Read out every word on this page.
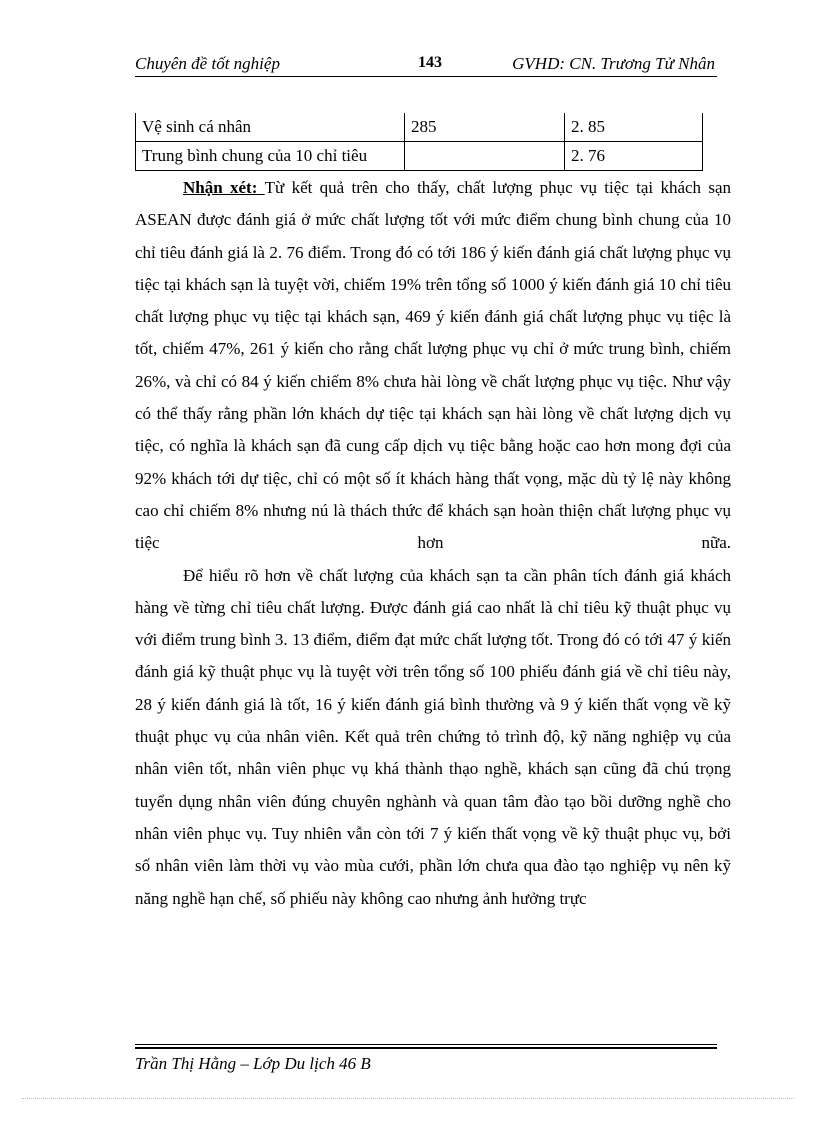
Chuyên đề tốt nghiệp	143	GVHD: CN. Trương Tử Nhân
Vệ sinh cá nhân	285	2. 85
Trung bình chung của 10 chỉ tiêu		2. 76

Nhận xét: Từ kết quả trên cho thấy, chất lượng phục vụ tiệc tại khách sạn ASEAN được đánh giá ở mức chất lượng tốt với mức điểm chung bình chung của 10 chỉ tiêu đánh giá là 2. 76 điểm. Trong đó có tới 186 ý kiến đánh giá chất lượng phục vụ tiệc tại khách sạn là tuyệt vời, chiếm 19% trên tổng số 1000 ý kiến đánh giá 10 chỉ tiêu chất lượng phục vụ tiệc tại khách sạn, 469 ý kiến đánh giá chất lượng phục vụ tiệc là tốt, chiếm 47%, 261 ý kiến cho rằng chất lượng phục vụ chỉ ở mức trung bình, chiếm 26%, và chỉ có 84 ý kiến chiếm 8% chưa hài lòng về chất lượng phục vụ tiệc. Như vậy có thể thấy rằng phần lớn khách dự tiệc tại khách sạn hài lòng về chất lượng dịch vụ tiệc, có nghĩa là khách sạn đã cung cấp dịch vụ tiệc bằng hoặc cao hơn mong đợi của 92% khách tới dự tiệc, chỉ có một số ít khách hàng thất vọng, mặc dù tỷ lệ này không cao chỉ chiếm 8% nhưng nú là thách thức để khách sạn hoàn thiện chất lượng phục vụ tiệc hơn nữa.

Để hiểu rõ hơn về chất lượng của khách sạn ta cần phân tích đánh giá khách hàng về từng chỉ tiêu chất lượng. Được đánh giá cao nhất là chỉ tiêu kỹ thuật phục vụ với điểm trung bình 3. 13 điểm, điểm đạt mức chất lượng tốt. Trong đó có tới 47 ý kiến đánh giá kỹ thuật phục vụ là tuyệt vời trên tổng số 100 phiếu đánh giá về chỉ tiêu này, 28 ý kiến đánh giá là tốt, 16 ý kiến đánh giá bình thường và 9 ý kiến thất vọng về kỹ thuật phục vụ của nhân viên. Kết quả trên chứng tỏ trình độ, kỹ năng nghiệp vụ của nhân viên tốt, nhân viên phục vụ khá thành thạo nghề, khách sạn cũng đã chú trọng tuyển dụng nhân viên đúng chuyên nghành và quan tâm đào tạo bồi dưỡng nghề cho nhân viên phục vụ. Tuy nhiên vẫn còn tới 7 ý kiến thất vọng về kỹ thuật phục vụ, bởi số nhân viên làm thời vụ vào mùa cưới, phần lớn chưa qua đào tạo nghiệp vụ nên kỹ năng nghề hạn chế, số phiếu này không cao nhưng ảnh hưởng trực

Trần Thị Hằng – Lớp Du lịch 46 B
